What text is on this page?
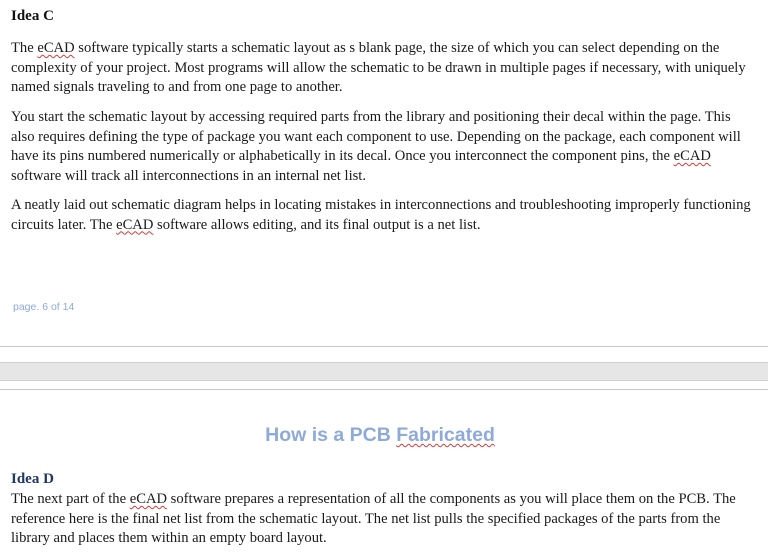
Idea C

The eCAD software typically starts a schematic layout as s blank page, the size of which you can select depending on the complexity of your project. Most programs will allow the schematic to be drawn in multiple pages if necessary, with uniquely named signals traveling to and from one page to another.

You start the schematic layout by accessing required parts from the library and positioning their decal within the page. This also requires defining the type of package you want each component to use. Depending on the package, each component will have its pins numbered numerically or alphabetically in its decal. Once you interconnect the component pins, the eCAD software will track all interconnections in an internal net list.

A neatly laid out schematic diagram helps in locating mistakes in interconnections and troubleshooting improperly functioning circuits later. The eCAD software allows editing, and its final output is a net list.

page. 6 of 14

How is a PCB Fabricated
Idea D

The next part of the eCAD software prepares a representation of all the components as you will place them on the PCB. The reference here is the final net list from the schematic layout. The net list pulls the specified packages of the parts from the library and places them within an empty board layout.
